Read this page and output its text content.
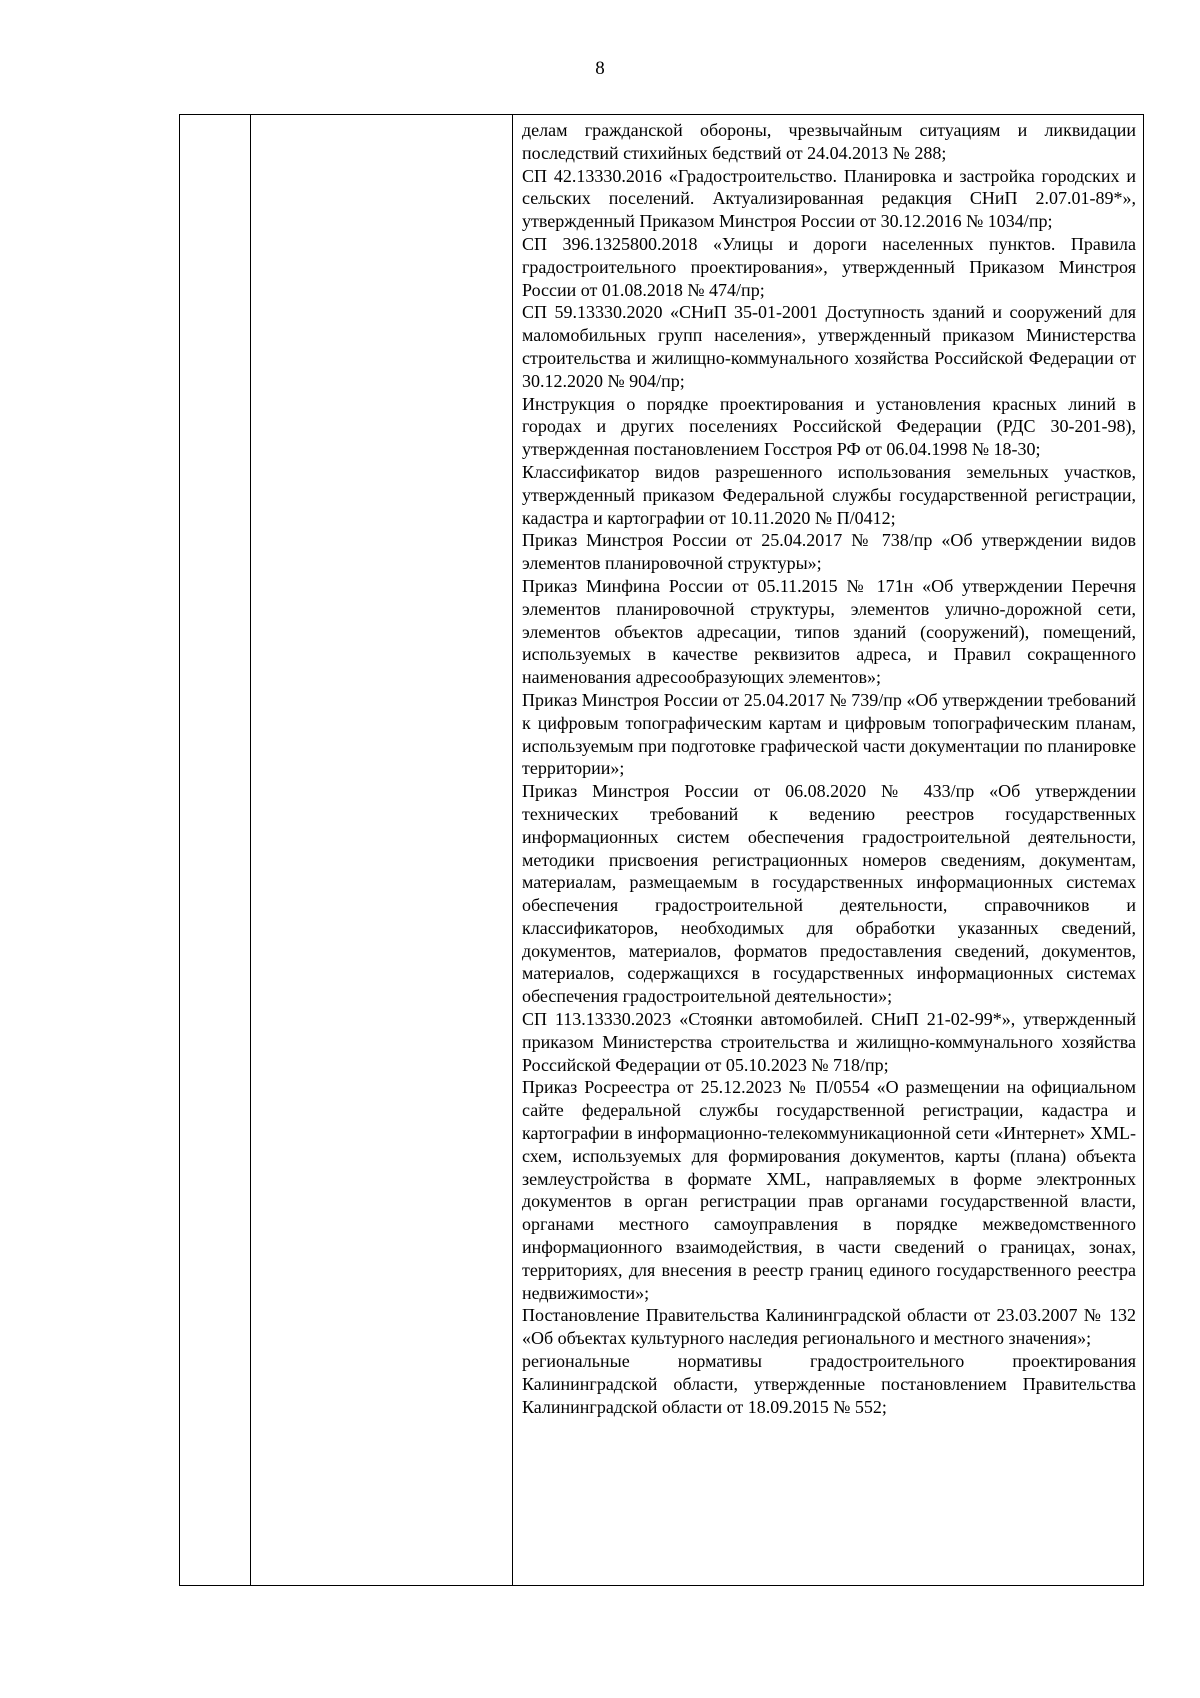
8

делам гражданской обороны, чрезвычайным ситуациям и ликвидации последствий стихийных бедствий от 24.04.2013 № 288;

СП 42.13330.2016 «Градостроительство. Планировка и застройка городских и сельских поселений. Актуализированная редакция СНиП 2.07.01-89*», утвержденный Приказом Минстроя России от 30.12.2016 № 1034/пр;

СП 396.1325800.2018 «Улицы и дороги населенных пунктов. Правила градостроительного проектирования», утвержденный Приказом Минстроя России от 01.08.2018 № 474/пр;

СП 59.13330.2020 «СНиП 35-01-2001 Доступность зданий и сооружений для маломобильных групп населения», утвержденный приказом Министерства строительства и жилищно-коммунального хозяйства Российской Федерации от 30.12.2020 № 904/пр;

Инструкция о порядке проектирования и установления красных линий в городах и других поселениях Российской Федерации (РДС 30-201-98), утвержденная постановлением Госстроя РФ от 06.04.1998 № 18-30;

Классификатор видов разрешенного использования земельных участков, утвержденный приказом Федеральной службы государственной регистрации, кадастра и картографии от 10.11.2020 № П/0412;

Приказ Минстроя России от 25.04.2017 № 738/пр «Об утверждении видов элементов планировочной структуры»;

Приказ Минфина России от 05.11.2015 № 171н «Об утверждении Перечня элементов планировочной структуры, элементов улично-дорожной сети, элементов объектов адресации, типов зданий (сооружений), помещений, используемых в качестве реквизитов адреса, и Правил сокращенного наименования адресообразующих элементов»;

Приказ Минстроя России от 25.04.2017 № 739/пр «Об утверждении требований к цифровым топографическим картам и цифровым топографическим планам, используемым при подготовке графической части документации по планировке территории»;

Приказ Минстроя России от 06.08.2020 № 433/пр «Об утверждении технических требований к ведению реестров государственных информационных систем обеспечения градостроительной деятельности, методики присвоения регистрационных номеров сведениям, документам, материалам, размещаемым в государственных информационных системах обеспечения градостроительной деятельности, справочников и классификаторов, необходимых для обработки указанных сведений, документов, материалов, форматов предоставления сведений, документов, материалов, содержащихся в государственных информационных системах обеспечения градостроительной деятельности»;

СП 113.13330.2023 «Стоянки автомобилей. СНиП 21-02-99*», утвержденный приказом Министерства строительства и жилищно-коммунального хозяйства Российской Федерации от 05.10.2023 № 718/пр;

Приказ Росреестра от 25.12.2023 № П/0554 «О размещении на официальном сайте федеральной службы государственной регистрации, кадастра и картографии в информационно-телекоммуникационной сети «Интернет» XML-схем, используемых для формирования документов, карты (плана) объекта землеустройства в формате XML, направляемых в форме электронных документов в орган регистрации прав органами государственной власти, органами местного самоуправления в порядке межведомственного информационного взаимодействия, в части сведений о границах, зонах, территориях, для внесения в реестр границ единого государственного реестра недвижимости»;

Постановление Правительства Калининградской области от 23.03.2007 № 132 «Об объектах культурного наследия регионального и местного значения»;

региональные нормативы градостроительного проектирования Калининградской области, утвержденные постановлением Правительства Калининградской области от 18.09.2015 № 552;
